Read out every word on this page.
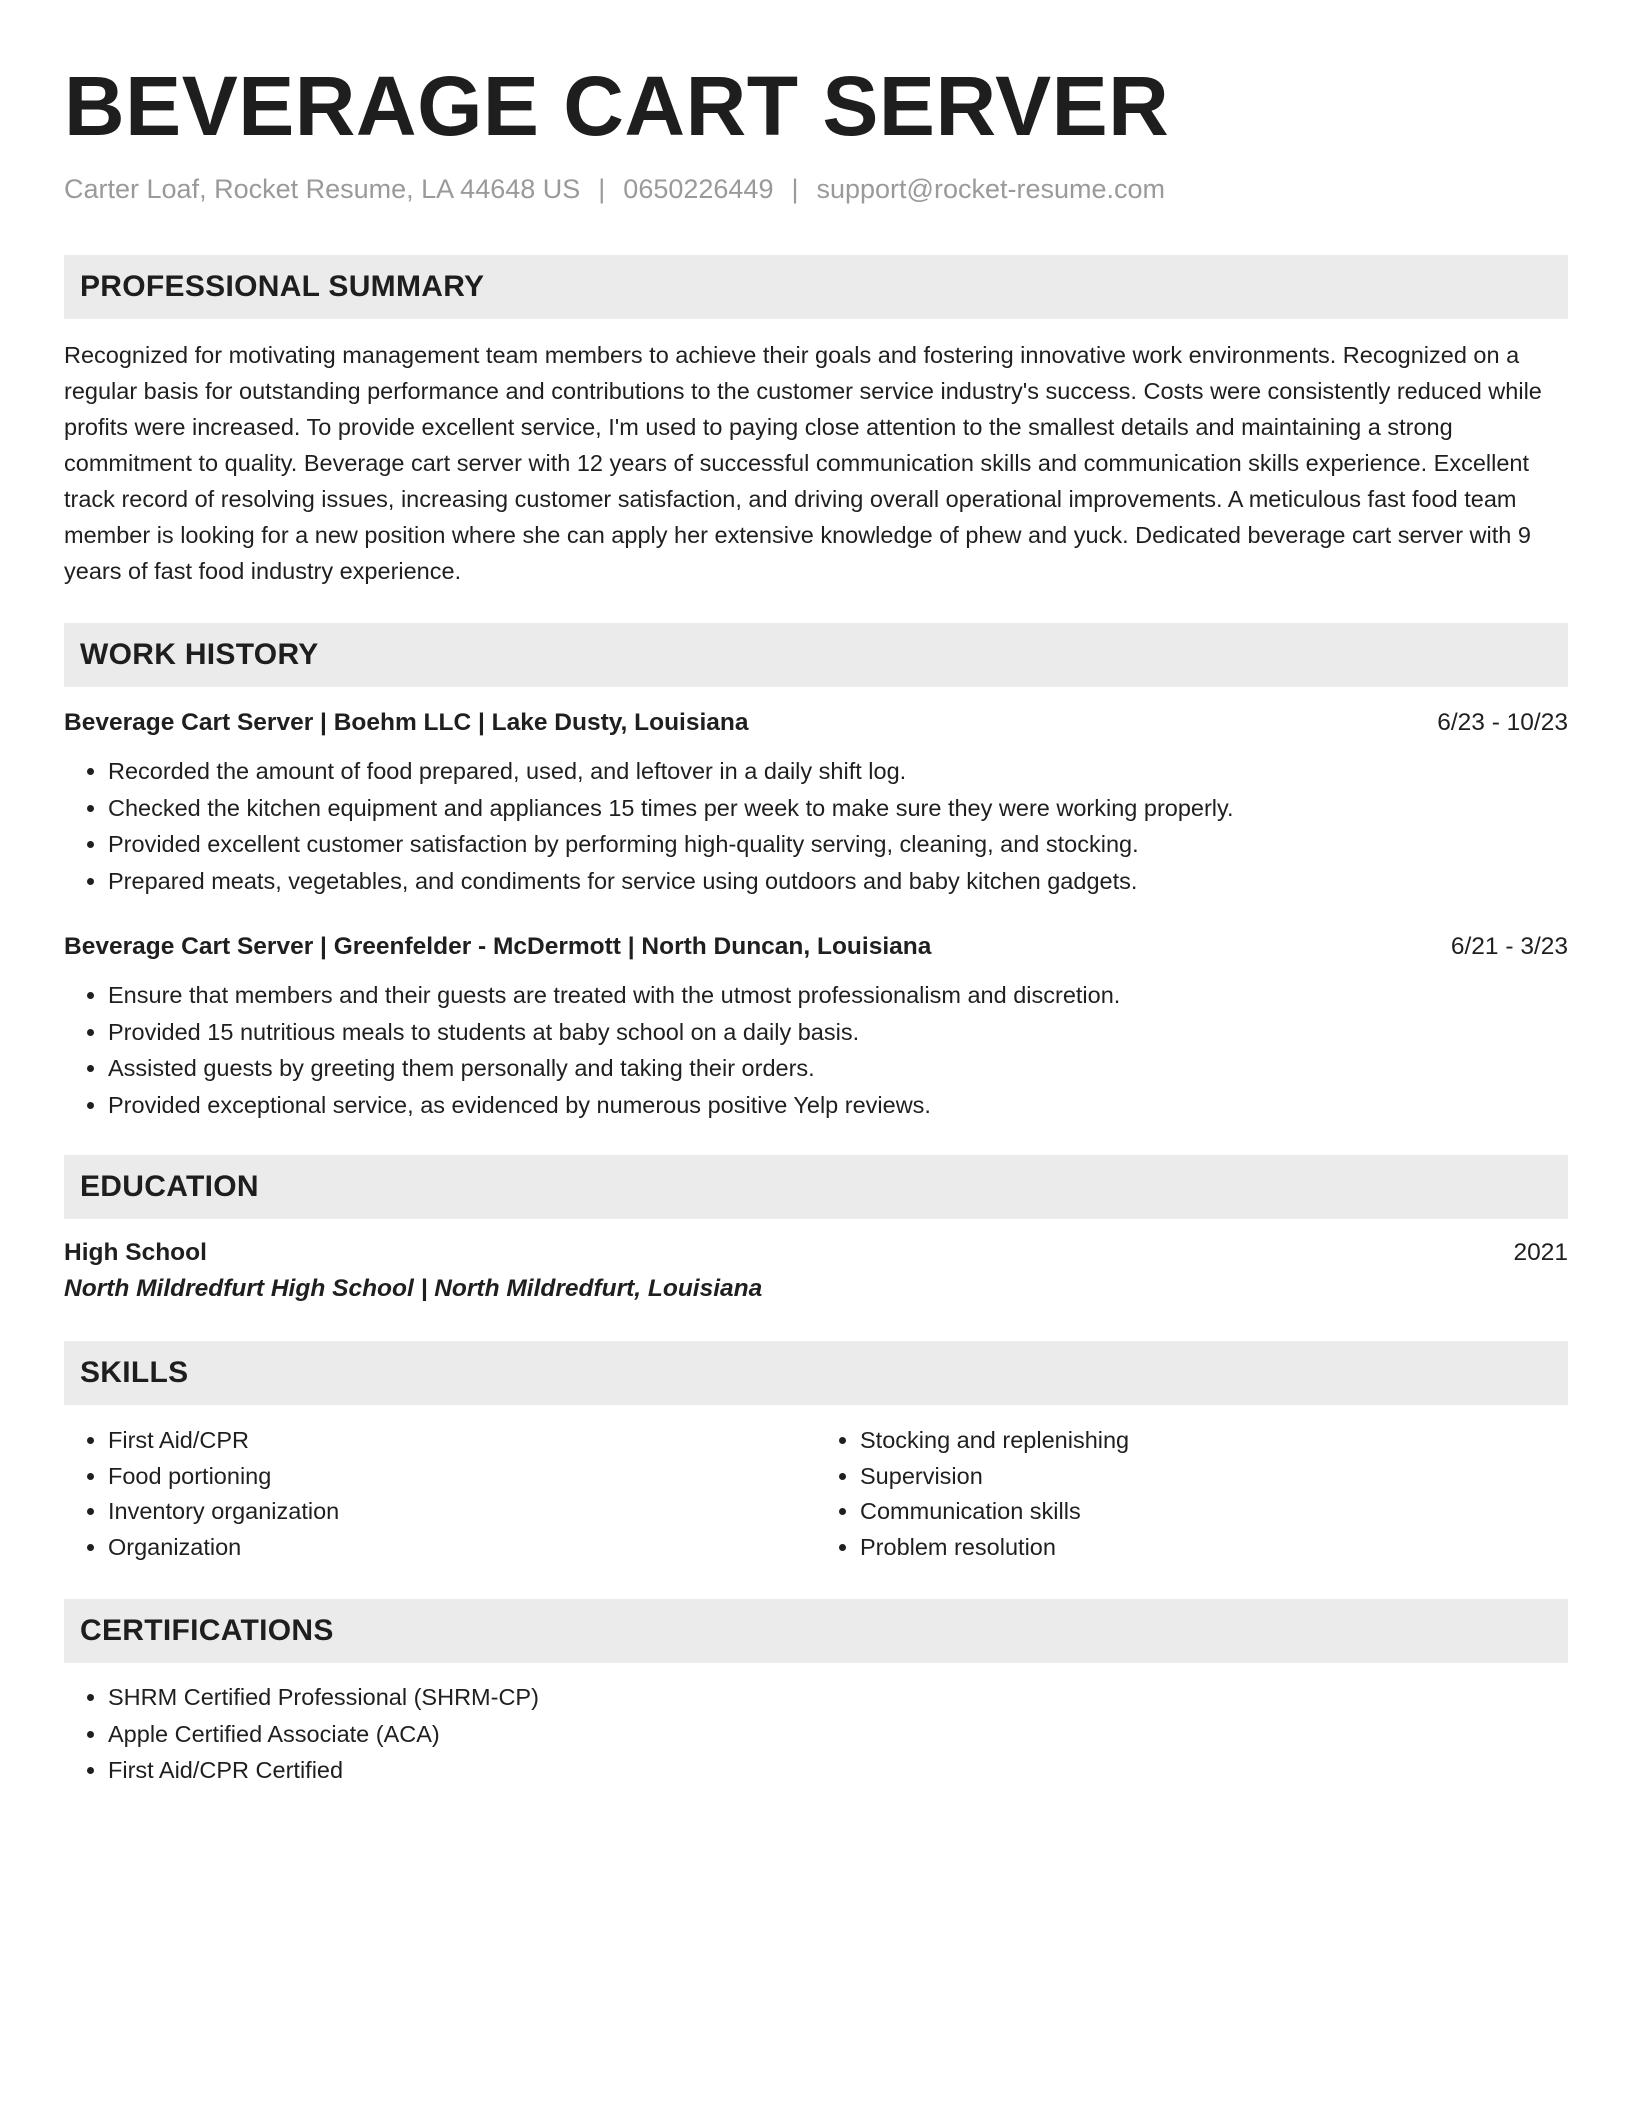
BEVERAGE CART SERVER
Carter Loaf, Rocket Resume, LA 44648 US | 0650226449 | support@rocket-resume.com
PROFESSIONAL SUMMARY

Recognized for motivating management team members to achieve their goals and fostering innovative work environments. Recognized on a regular basis for outstanding performance and contributions to the customer service industry's success. Costs were consistently reduced while profits were increased. To provide excellent service, I'm used to paying close attention to the smallest details and maintaining a strong commitment to quality. Beverage cart server with 12 years of successful communication skills and communication skills experience. Excellent track record of resolving issues, increasing customer satisfaction, and driving overall operational improvements. A meticulous fast food team member is looking for a new position where she can apply her extensive knowledge of phew and yuck. Dedicated beverage cart server with 9 years of fast food industry experience.

WORK HISTORY
Beverage Cart Server | Boehm LLC | Lake Dusty, Louisiana	6/23 - 10/23
• Recorded the amount of food prepared, used, and leftover in a daily shift log.
• Checked the kitchen equipment and appliances 15 times per week to make sure they were working properly.
• Provided excellent customer satisfaction by performing high-quality serving, cleaning, and stocking.
• Prepared meats, vegetables, and condiments for service using outdoors and baby kitchen gadgets.
Beverage Cart Server | Greenfelder - McDermott | North Duncan, Louisiana	6/21 - 3/23
• Ensure that members and their guests are treated with the utmost professionalism and discretion.
• Provided 15 nutritious meals to students at baby school on a daily basis.
• Assisted guests by greeting them personally and taking their orders.
• Provided exceptional service, as evidenced by numerous positive Yelp reviews.
EDUCATION
High School	2021
North Mildredfurt High School | North Mildredfurt, Louisiana
SKILLS
• First Aid/CPR
• Food portioning
• Inventory organization
• Organization
• Stocking and replenishing
• Supervision
• Communication skills
• Problem resolution
CERTIFICATIONS
• SHRM Certified Professional (SHRM-CP)
• Apple Certified Associate (ACA)
• First Aid/CPR Certified
